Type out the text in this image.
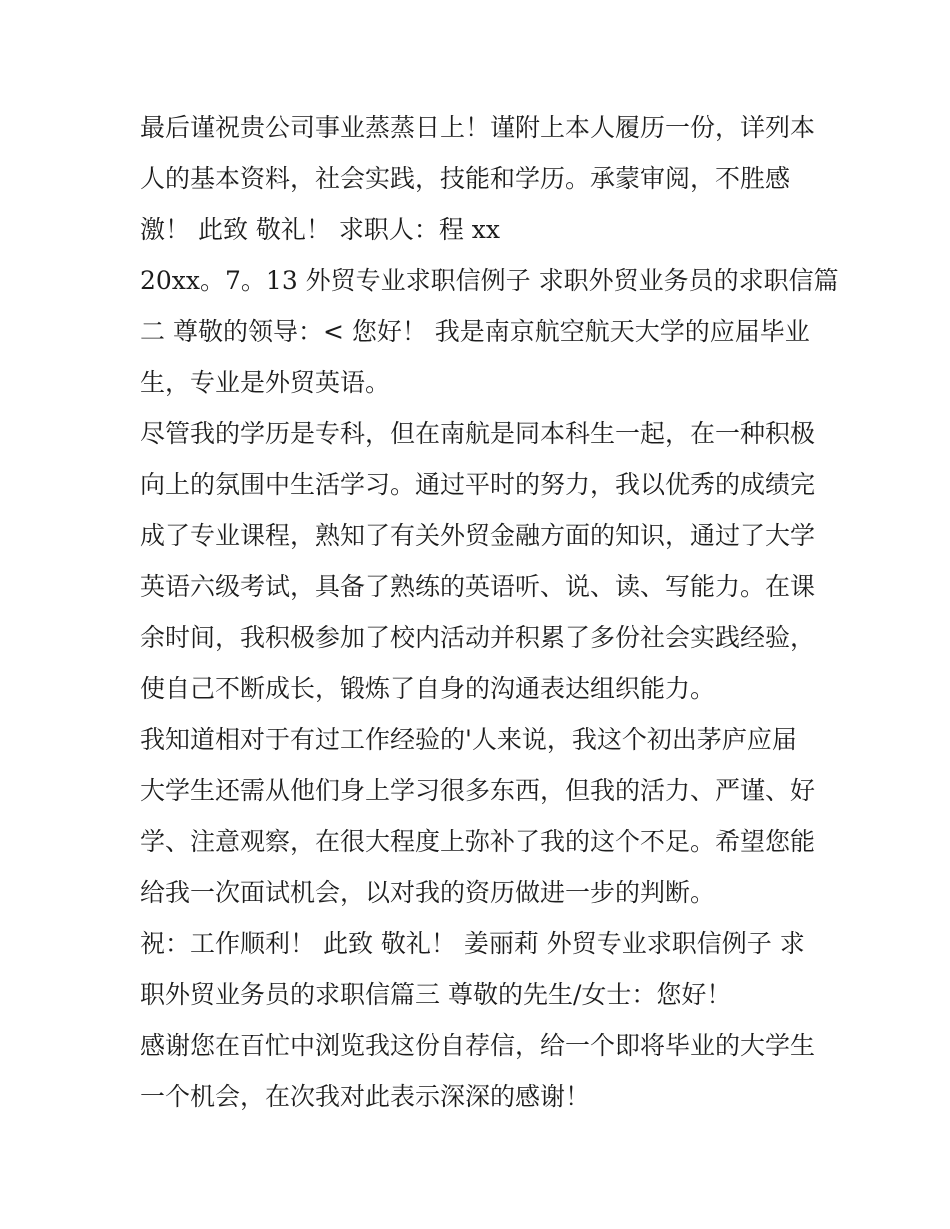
最后谨祝贵公司事业蒸蒸日上！谨附上本人履历一份，详列本
人的基本资料，社会实践，技能和学历。承蒙审阅，不胜感
激！ 此致 敬礼！ 求职人：程 xx
20xx。7。13 外贸专业求职信例子 求职外贸业务员的求职信篇
二 尊敬的领导：< 您好！ 我是南京航空航天大学的应届毕业
生，专业是外贸英语。
尽管我的学历是专科，但在南航是同本科生一起，在一种积极
向上的氛围中生活学习。通过平时的努力，我以优秀的成绩完
成了专业课程，熟知了有关外贸金融方面的知识，通过了大学
英语六级考试，具备了熟练的英语听、说、读、写能力。在课
余时间，我积极参加了校内活动并积累了多份社会实践经验，
使自己不断成长，锻炼了自身的沟通表达组织能力。
我知道相对于有过工作经验的'人来说，我这个初出茅庐应届
大学生还需从他们身上学习很多东西，但我的活力、严谨、好
学、注意观察，在很大程度上弥补了我的这个不足。希望您能
给我一次面试机会，以对我的资历做进一步的判断。
祝：工作顺利！ 此致 敬礼！ 姜丽莉 外贸专业求职信例子 求
职外贸业务员的求职信篇三 尊敬的先生/女士：您好！
感谢您在百忙中浏览我这份自荐信，给一个即将毕业的大学生
一个机会，在次我对此表示深深的感谢！
